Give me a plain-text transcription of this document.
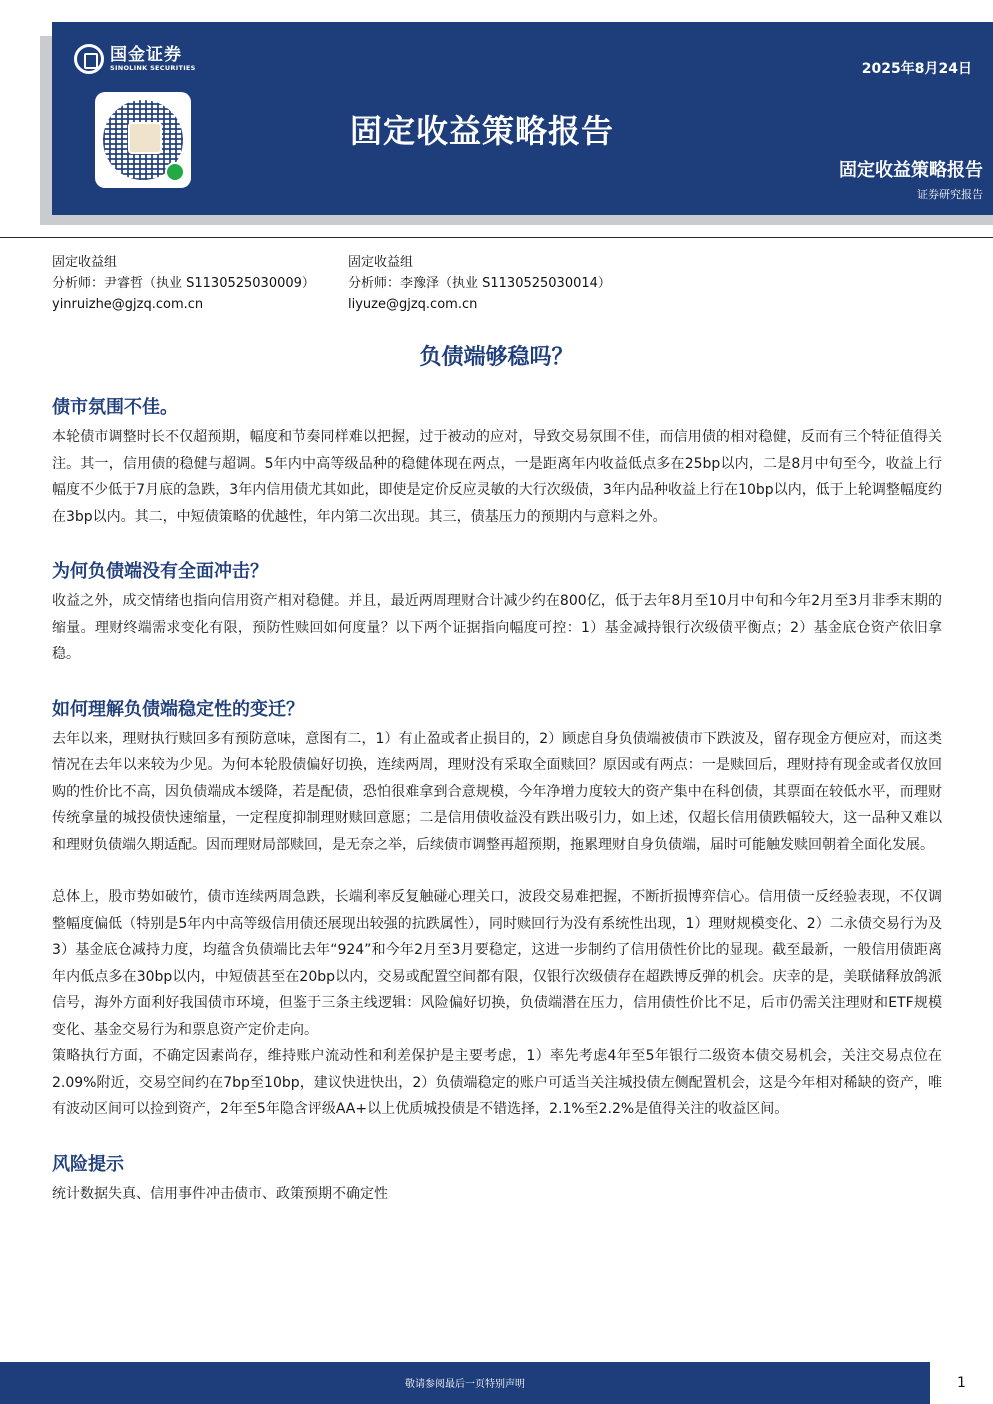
国金证券
SINOLINK SECURITIES	2025年8月24日
固定收益策略报告
固定收益策略报告
证券研究报告
固定收益组
分析师：尹睿哲（执业 S1130525030009）
yinruizhe@gjzq.com.cn
固定收益组
分析师：李豫泽（执业 S1130525030014）
liyuze@gjzq.com.cn
负债端够稳吗？
债市氛围不佳。

本轮债市调整时长不仅超预期，幅度和节奏同样难以把握，过于被动的应对，导致交易氛围不佳，而信用债的相对稳健，反而有三个特征值得关注。其一，信用债的稳健与超调。5年内中高等级品种的稳健体现在两点，一是距离年内收益低点多在25bp以内，二是8月中旬至今，收益上行幅度不少低于7月底的急跌，3年内信用债尤其如此，即使是定价反应灵敏的大行次级债，3年内品种收益上行在10bp以内，低于上轮调整幅度约在3bp以内。其二，中短债策略的优越性，年内第二次出现。其三，债基压力的预期内与意料之外。

为何负债端没有全面冲击？

收益之外，成交情绪也指向信用资产相对稳健。并且，最近两周理财合计减少约在800亿，低于去年8月至10月中旬和今年2月至3月非季末期的缩量。理财终端需求变化有限，预防性赎回如何度量？以下两个证据指向幅度可控：1）基金减持银行次级债平衡点；2）基金底仓资产依旧拿稳。

如何理解负债端稳定性的变迁？

去年以来，理财执行赎回多有预防意味，意图有二，1）有止盈或者止损目的，2）顾虑自身负债端被债市下跌波及，留存现金方便应对，而这类情况在去年以来较为少见。为何本轮股债偏好切换，连续两周，理财没有采取全面赎回？原因或有两点：一是赎回后，理财持有现金或者仅放回购的性价比不高，因负债端成本缓降，若是配债，恐怕很难拿到合意规模，今年净增力度较大的资产集中在科创债，其票面在较低水平，而理财传统拿量的城投债快速缩量，一定程度抑制理财赎回意愿；二是信用债收益没有跌出吸引力，如上述，仅超长信用债跌幅较大，这一品种又难以和理财负债端久期适配。因而理财局部赎回，是无奈之举，后续债市调整再超预期，拖累理财自身负债端，届时可能触发赎回朝着全面化发展。

总体上，股市势如破竹，债市连续两周急跌，长端利率反复触碰心理关口，波段交易难把握，不断折损博弈信心。信用债一反经验表现，不仅调整幅度偏低（特别是5年内中高等级信用债还展现出较强的抗跌属性），同时赎回行为没有系统性出现，1）理财规模变化、2）二永债交易行为及3）基金底仓减持力度，均蕴含负债端比去年“924”和今年2月至3月要稳定，这进一步制约了信用债性价比的显现。截至最新，一般信用债距离年内低点多在30bp以内，中短债甚至在20bp以内，交易或配置空间都有限，仅银行次级债存在超跌博反弹的机会。庆幸的是，美联储释放鸽派信号，海外方面利好我国债市环境，但鉴于三条主线逻辑：风险偏好切换，负债端潜在压力，信用债性价比不足，后市仍需关注理财和ETF规模变化、基金交易行为和票息资产定价走向。

策略执行方面，不确定因素尚存，维持账户流动性和利差保护是主要考虑，1）率先考虑4年至5年银行二级资本债交易机会，关注交易点位在2.09%附近，交易空间约在7bp至10bp，建议快进快出，2）负债端稳定的账户可适当关注城投债左侧配置机会，这是今年相对稀缺的资产，唯有波动区间可以捡到资产，2年至5年隐含评级AA+以上优质城投债是不错选择，2.1%至2.2%是值得关注的收益区间。

风险提示

统计数据失真、信用事件冲击债市、政策预期不确定性

敬请参阅最后一页特别声明	1
